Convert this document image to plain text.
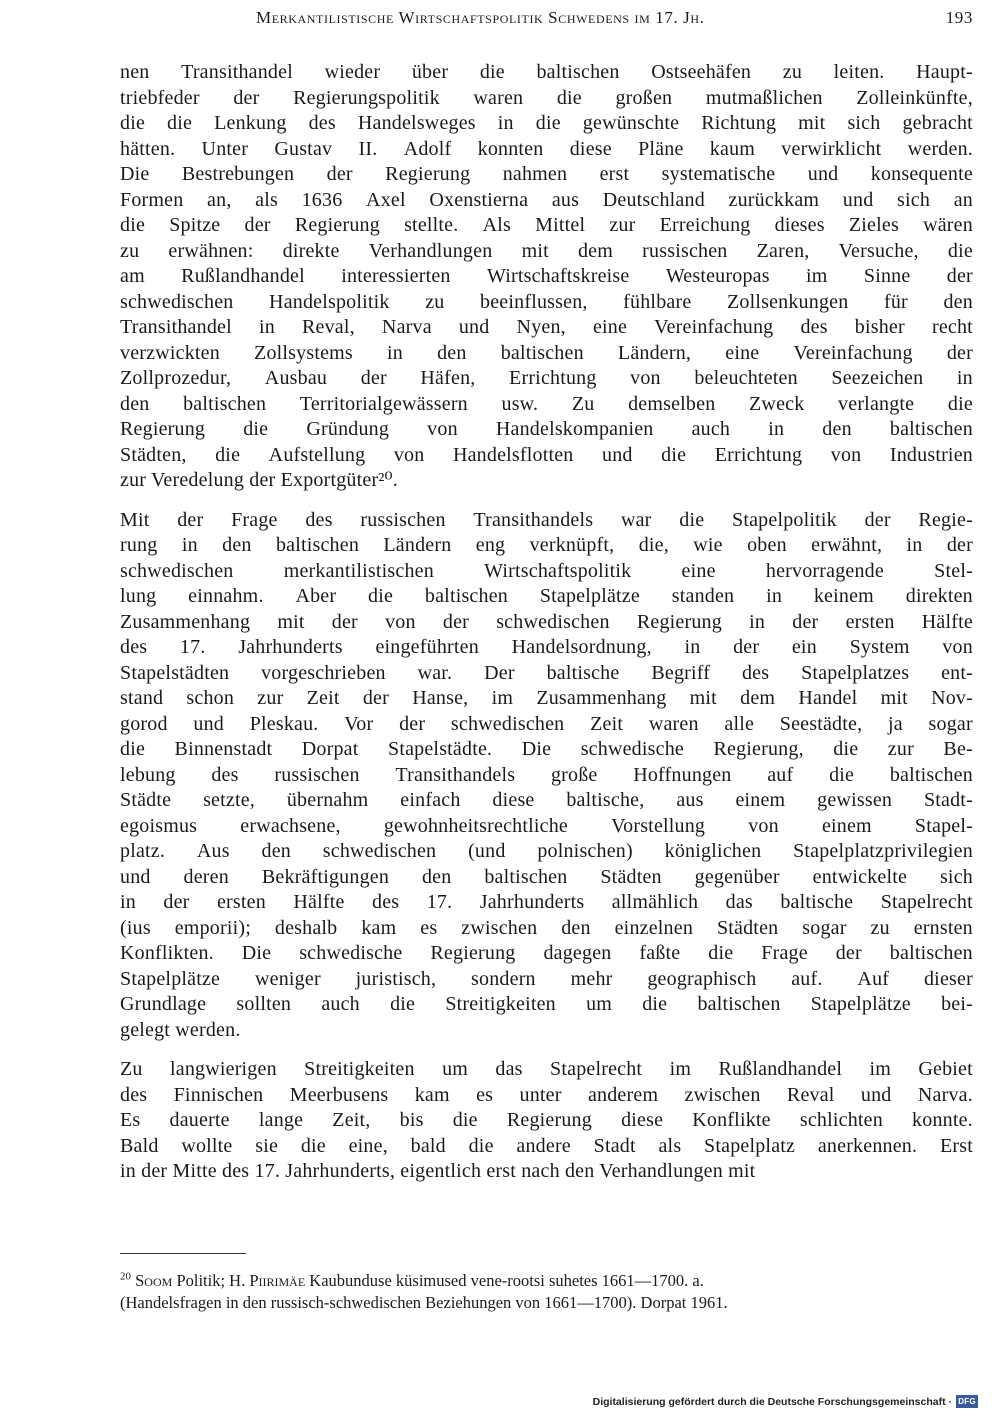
Merkantilistische Wirtschaftspolitik Schwedens im 17. Jh.	193
nen Transithandel wieder über die baltischen Ostseehäfen zu leiten. Haupt-
triebfeder der Regierungspolitik waren die großen mutmaßlichen Zolleinkünfte,
die die Lenkung des Handelsweges in die gewünschte Richtung mit sich gebracht
hätten. Unter Gustav II. Adolf konnten diese Pläne kaum verwirklicht werden.
Die Bestrebungen der Regierung nahmen erst systematische und konsequente
Formen an, als 1636 Axel Oxenstierna aus Deutschland zurückkam und sich an
die Spitze der Regierung stellte. Als Mittel zur Erreichung dieses Zieles wären
zu erwähnen: direkte Verhandlungen mit dem russischen Zaren, Versuche, die
am Rußlandhandel interessierten Wirtschaftskreise Westeuropas im Sinne der
schwedischen Handelspolitik zu beeinflussen, fühlbare Zollsenkungen für den
Transithandel in Reval, Narva und Nyen, eine Vereinfachung des bisher recht
verzwickten Zollsystems in den baltischen Ländern, eine Vereinfachung der
Zollprozedur, Ausbau der Häfen, Errichtung von beleuchteten Seezeichen in
den baltischen Territorialgewässern usw. Zu demselben Zweck verlangte die
Regierung die Gründung von Handelskompanien auch in den baltischen
Städten, die Aufstellung von Handelsflotten und die Errichtung von Industrien
zur Veredelung der Exportgüter²⁰.
Mit der Frage des russischen Transithandels war die Stapelpolitik der Regie-
rung in den baltischen Ländern eng verknüpft, die, wie oben erwähnt, in der
schwedischen	merkantilistischen	Wirtschaftspolitik	eine	hervorragende	Stel-
lung einnahm. Aber die baltischen Stapelplätze standen in keinem direkten
Zusammenhang mit der von der schwedischen Regierung in der ersten Hälfte
des 17. Jahrhunderts eingeführten Handelsordnung, in der ein System von
Stapelstädten vorgeschrieben war. Der baltische Begriff des Stapelplatzes ent-
stand schon zur Zeit der Hanse, im Zusammenhang mit dem Handel mit Nov-
gorod und Pleskau. Vor der schwedischen Zeit waren alle Seestädte, ja sogar
die Binnenstadt Dorpat Stapelstädte. Die schwedische Regierung, die zur Be-
lebung des russischen Transithandels große Hoffnungen auf die baltischen
Städte setzte, übernahm einfach diese baltische, aus einem gewissen Stadt-
egoismus erwachsene, gewohnheitsrechtliche Vorstellung von einem Stapel-
platz. Aus den schwedischen (und polnischen) königlichen Stapelplatzprivilegien
und deren Bekräftigungen den baltischen Städten gegenüber entwickelte sich
in der ersten Hälfte des 17. Jahrhunderts allmählich das baltische Stapelrecht
(ius emporii); deshalb kam es zwischen den einzelnen Städten sogar zu ernsten
Konflikten. Die schwedische Regierung dagegen faßte die Frage der baltischen
Stapelplätze weniger juristisch, sondern mehr geographisch auf. Auf dieser
Grundlage sollten auch die Streitigkeiten um die baltischen Stapelplätze bei-
gelegt werden.
Zu langwierigen Streitigkeiten um das Stapelrecht im Rußlandhandel im Gebiet
des Finnischen Meerbusens kam es unter anderem zwischen Reval und Narva.
Es dauerte lange Zeit, bis die Regierung diese Konflikte schlichten konnte.
Bald wollte sie die eine, bald die andere Stadt als Stapelplatz anerkennen. Erst
in der Mitte des 17. Jahrhunderts, eigentlich erst nach den Verhandlungen mit
$^{20}$ Soom Politik; H. Piirimäe Kaubunduse küsimused vene-rootsi suhetes 1661—1700. a.
(Handelsfragen in den russisch-schwedischen Beziehungen von 1661—1700). Dorpat 1961.
Digitalisierung gefördert durch die Deutsche Forschungsgemeinschaft · DFG
